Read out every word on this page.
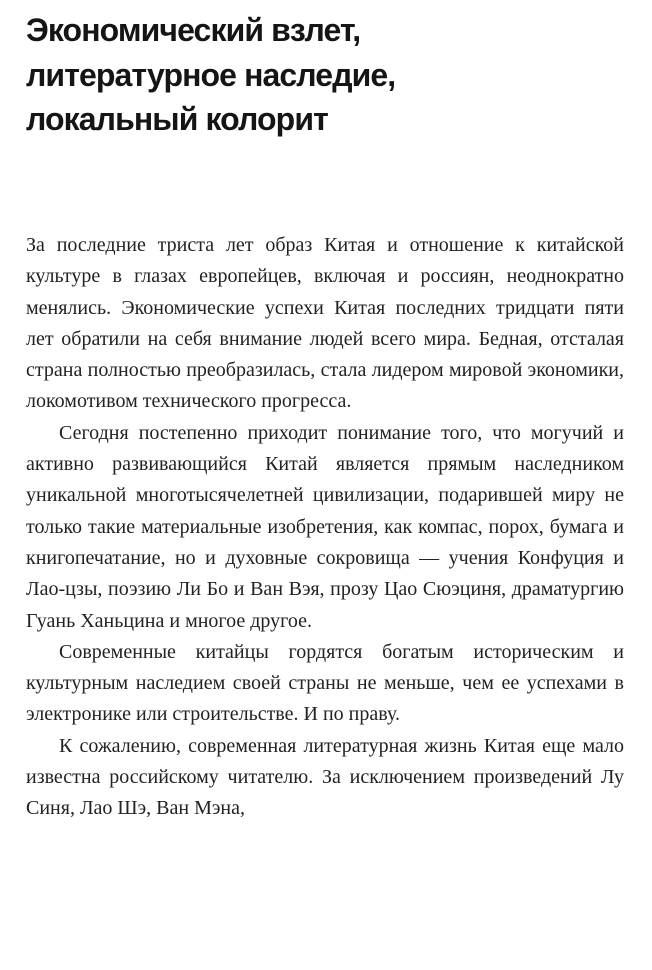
Экономический взлет,
литературное наследие,
локальный колорит

За последние триста лет образ Китая и отношение к китайской культуре в глазах европейцев, включая и россиян, неоднократно менялись. Экономические успехи Китая последних тридцати пяти лет обратили на себя внимание людей всего мира. Бедная, отсталая страна полностью преобразилась, стала лидером мировой экономики, локомотивом технического прогресса.

Сегодня постепенно приходит понимание того, что могучий и активно развивающийся Китай является прямым наследником уникальной многотысячелетней цивилизации, подарившей миру не только такие материальные изобретения, как компас, порох, бумага и книгопечатание, но и духовные сокровища — учения Конфуция и Лао-цзы, поэзию Ли Бо и Ван Вэя, прозу Цао Сюэциня, драматургию Гуань Ханьцина и многое другое.

Современные китайцы гордятся богатым историческим и культурным наследием своей страны не меньше, чем ее успехами в электронике или строительстве. И по праву.

К сожалению, современная литературная жизнь Китая еще мало известна российскому читателю. За исключением произведений Лу Синя, Лао Шэ, Ван Мэна,
